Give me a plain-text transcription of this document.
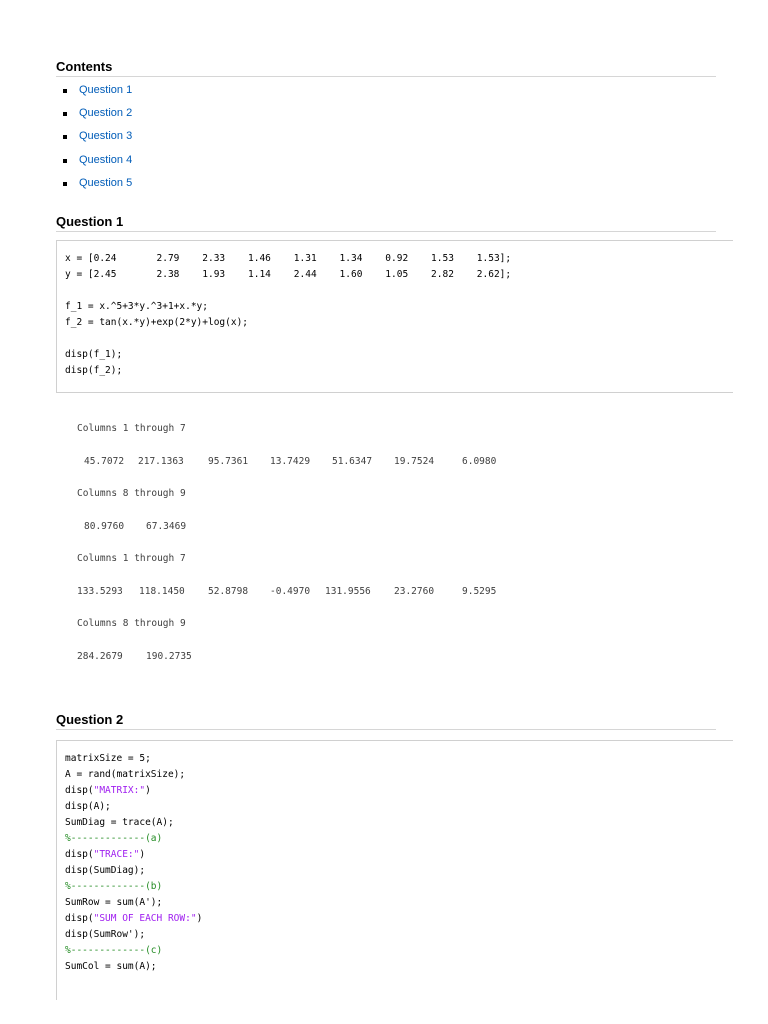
Contents
Question 1
Question 2
Question 3
Question 4
Question 5
Question 1
x = [0.24       2.79    2.33    1.46    1.31    1.34    0.92    1.53    1.53];
y = [2.45       2.38    1.93    1.14    2.44    1.60    1.05    2.82    2.62];
f_1 = x.^5+3*y.^3+1+x.*y;
f_2 = tan(x.*y)+exp(2*y)+log(x);
disp(f_1);
disp(f_2);
Columns 1 through 7
45.7072 217.1363	95.7361 13.7429 51.6347 19.7524	6.0980
Columns 8 through 9
80.9760 67.3469
Columns 1 through 7
133.5293 118.1450 52.8798 -0.4970 131.9556 23.2760	9.5295
Columns 8 through 9
284.2679 190.2735
Question 2
matrixSize = 5;
A = rand(matrixSize);
disp("MATRIX:")
disp(A);
SumDiag = trace(A);
%-------------(a)
disp("TRACE:")
disp(SumDiag);
%-------------(b)
SumRow = sum(A');
disp("SUM OF EACH ROW:")
disp(SumRow');
%-------------(c)
SumCol = sum(A);
